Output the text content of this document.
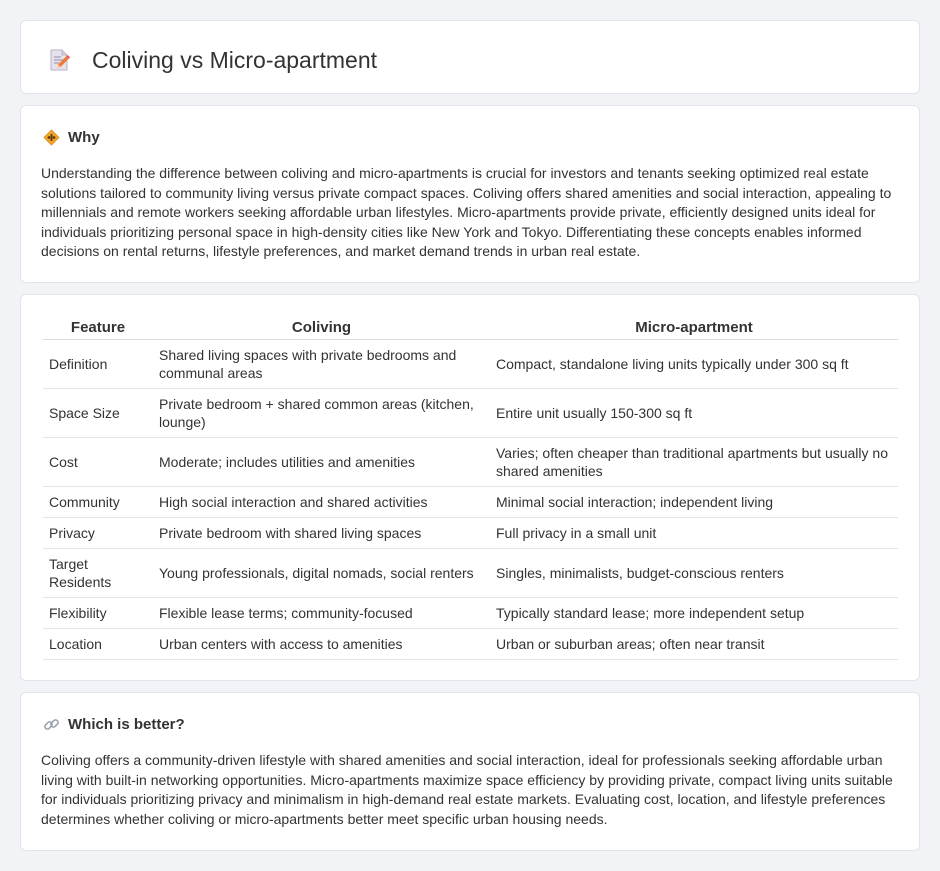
Coliving vs Micro-apartment
Why

Understanding the difference between coliving and micro-apartments is crucial for investors and tenants seeking optimized real estate solutions tailored to community living versus private compact spaces. Coliving offers shared amenities and social interaction, appealing to millennials and remote workers seeking affordable urban lifestyles. Micro-apartments provide private, efficiently designed units ideal for individuals prioritizing personal space in high-density cities like New York and Tokyo. Differentiating these concepts enables informed decisions on rental returns, lifestyle preferences, and market demand trends in urban real estate.

Feature	Coliving	Micro-apartment
Definition	Shared living spaces with private bedrooms and communal areas	Compact, standalone living units typically under 300 sq ft
Space Size	Private bedroom + shared common areas (kitchen, lounge)	Entire unit usually 150-300 sq ft
Cost	Moderate; includes utilities and amenities	Varies; often cheaper than traditional apartments but usually no shared amenities
Community	High social interaction and shared activities	Minimal social interaction; independent living
Privacy	Private bedroom with shared living spaces	Full privacy in a small unit
Target Residents	Young professionals, digital nomads, social renters	Singles, minimalists, budget-conscious renters
Flexibility	Flexible lease terms; community-focused	Typically standard lease; more independent setup
Location	Urban centers with access to amenities	Urban or suburban areas; often near transit
Which is better?

Coliving offers a community-driven lifestyle with shared amenities and social interaction, ideal for professionals seeking affordable urban living with built-in networking opportunities. Micro-apartments maximize space efficiency by providing private, compact living units suitable for individuals prioritizing privacy and minimalism in high-demand real estate markets. Evaluating cost, location, and lifestyle preferences determines whether coliving or micro-apartments better meet specific urban housing needs.
